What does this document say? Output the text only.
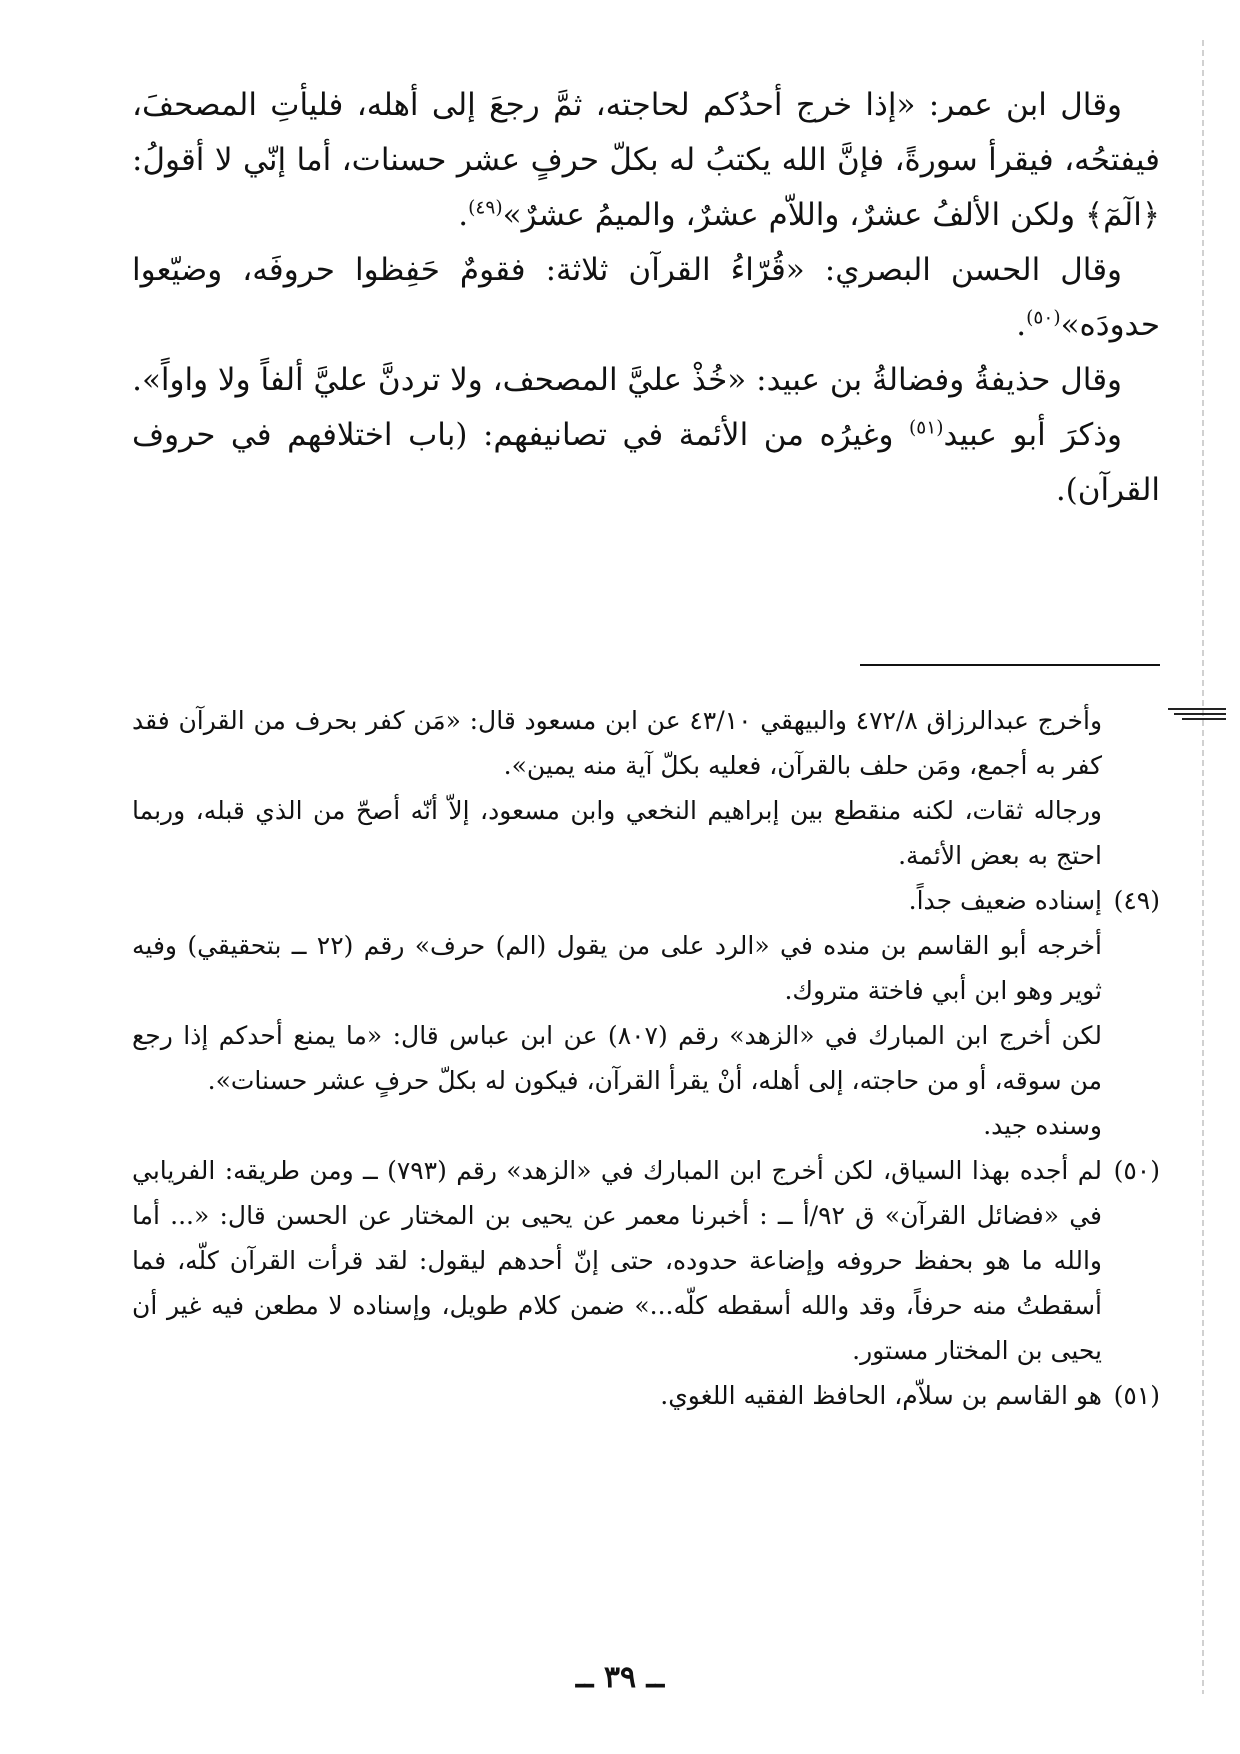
وقال ابن عمر: «إذا خرج أحدُكم لحاجته، ثمَّ رجعَ إلى أهله، فليأتِ المصحفَ، فيفتحُه، فيقرأ سورةً، فإنَّ الله يكتبُ له بكلّ حرفٍ عشر حسنات، أما إنّي لا أقولُ: ﴿الٓمٓ﴾ ولكن الألفُ عشرٌ، واللاّم عشرٌ، والميمُ عشرٌ»$^{(٤٩)}$.

وقال الحسن البصري: «قُرّاءُ القرآن ثلاثة: فقومٌ حَفِظوا حروفَه، وضيّعوا حدودَه»$^{(٥٠)}$.

وقال حذيفةُ وفضالةُ بن عبيد: «خُذْ عليَّ المصحف، ولا تردنَّ عليَّ ألفاً ولا واواً».

وذكرَ أبو عبيد$^{(٥١)}$ وغيرُه من الأئمة في تصانيفهم: (باب اختلافهم في حروف القرآن).

وأخرج عبدالرزاق ٤٧٢/٨ والبيهقي ٤٣/١٠ عن ابن مسعود قال: «مَن كفر بحرف من القرآن فقد كفر به أجمع، ومَن حلف بالقرآن، فعليه بكلّ آية منه يمين».

ورجاله ثقات، لكنه منقطع بين إبراهيم النخعي وابن مسعود، إلاّ أنّه أصحّ من الذي قبله، وربما احتج به بعض الأئمة.

(٤٩)إسناده ضعيف جداً.

أخرجه أبو القاسم بن منده في «الرد على من يقول (الم) حرف» رقم (٢٢ ــ بتحقيقي) وفيه ثوير وهو ابن أبي فاختة متروك.

لكن أخرج ابن المبارك في «الزهد» رقم (٨٠٧) عن ابن عباس قال: «ما يمنع أحدكم إذا رجع من سوقه، أو من حاجته، إلى أهله، أنْ يقرأ القرآن، فيكون له بكلّ حرفٍ عشر حسنات».

وسنده جيد.

(٥٠)لم أجده بهذا السياق، لكن أخرج ابن المبارك في «الزهد» رقم (٧٩٣) ــ ومن طريقه: الفريابي في «فضائل القرآن» ق ٩٢/أ ــ : أخبرنا معمر عن يحيى بن المختار عن الحسن قال: «... أما والله ما هو بحفظ حروفه وإضاعة حدوده، حتى إنّ أحدهم ليقول: لقد قرأت القرآن كلّه، فما أسقطتُ منه حرفاً، وقد والله أسقطه كلّه...» ضمن كلام طويل، وإسناده لا مطعن فيه غير أن يحيى بن المختار مستور.

(٥١)هو القاسم بن سلاّم، الحافظ الفقيه اللغوي.

ــ ٣٩ ــ
